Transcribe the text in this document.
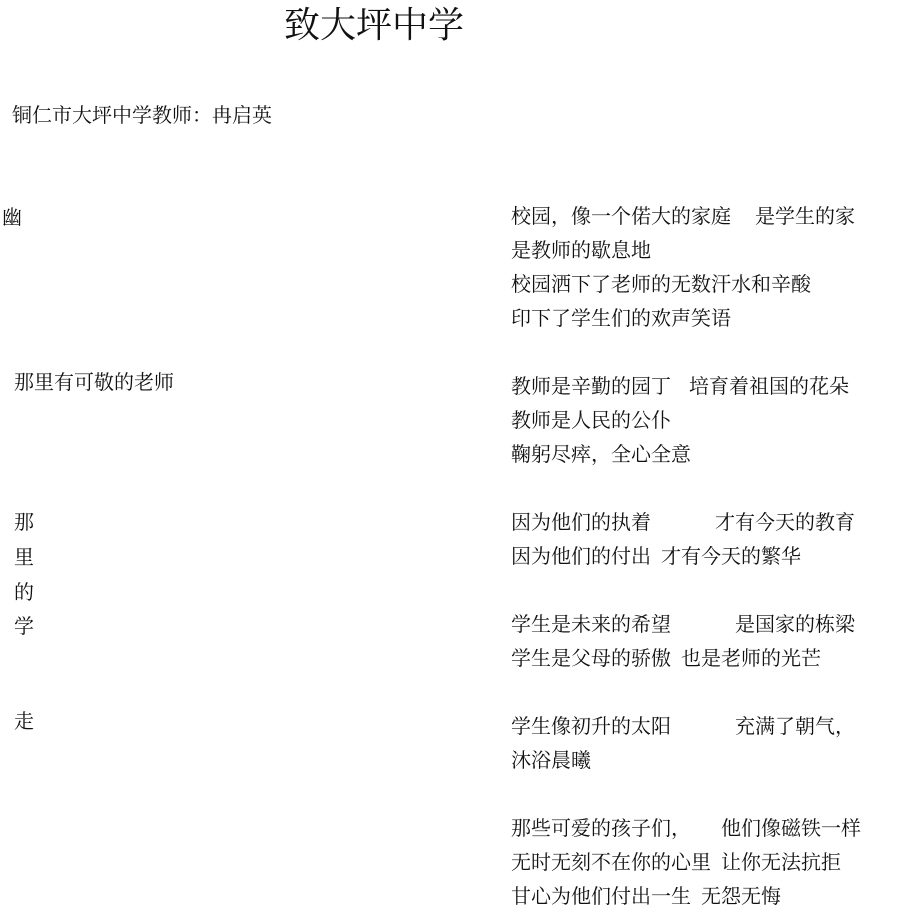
致大坪中学
铜仁市大坪中学教师：冉启英
幽
那里有可敬的老师
那
里
的
学
走
校园，像一个偌大的家庭 是学生的家
是教师的歇息地
校园洒下了老师的无数汗水和辛酸
印下了学生们的欢声笑语
教师是辛勤的园丁 培育着祖国的花朵
教师是人民的公仆
鞠躬尽瘁，全心全意
因为他们的执着	才有今天的教育
因为他们的付出 才有今天的繁华
学生是未来的希望	是国家的栋梁
学生是父母的骄傲 也是老师的光芒
学生像初升的太阳	充满了朝气，
沐浴晨曦
那些可爱的孩子们， 他们像磁铁一样
无时无刻不在你的心里 让你无法抗拒
甘心为他们付出一生 无怨无悔
